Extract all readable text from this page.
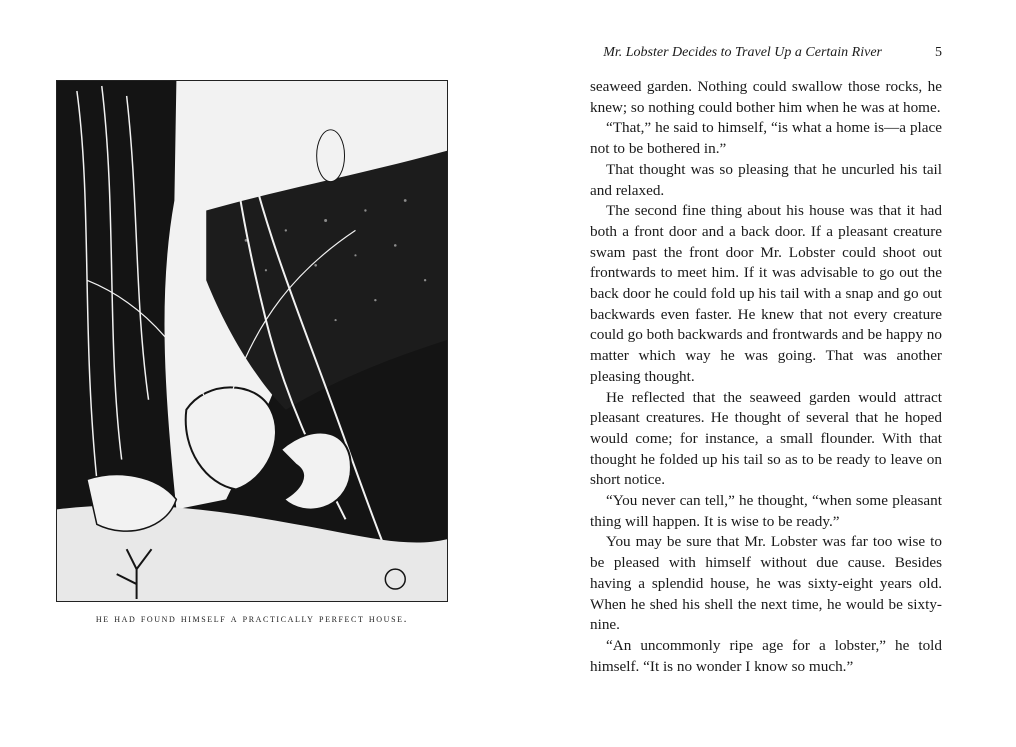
he had found himself a practically perfect house.
Mr. Lobster Decides to Travel Up a Certain River	5

seaweed garden. Nothing could swallow those rocks, he knew; so nothing could bother him when he was at home.

“That,” he said to himself, “is what a home is—a place not to be bothered in.”

That thought was so pleasing that he uncurled his tail and relaxed.

The second fine thing about his house was that it had both a front door and a back door. If a pleasant creature swam past the front door Mr. Lobster could shoot out frontwards to meet him. If it was advisable to go out the back door he could fold up his tail with a snap and go out backwards even faster. He knew that not every creature could go both backwards and frontwards and be happy no matter which way he was going. That was another pleasing thought.

He reflected that the seaweed garden would attract pleasant creatures. He thought of several that he hoped would come; for instance, a small flounder. With that thought he folded up his tail so as to be ready to leave on short notice.

“You never can tell,” he thought, “when some pleasant thing will happen. It is wise to be ready.”

You may be sure that Mr. Lobster was far too wise to be pleased with himself without due cause. Besides having a splendid house, he was sixty-eight years old. When he shed his shell the next time, he would be sixty-nine.

“An uncommonly ripe age for a lobster,” he told himself. “It is no wonder I know so much.”
